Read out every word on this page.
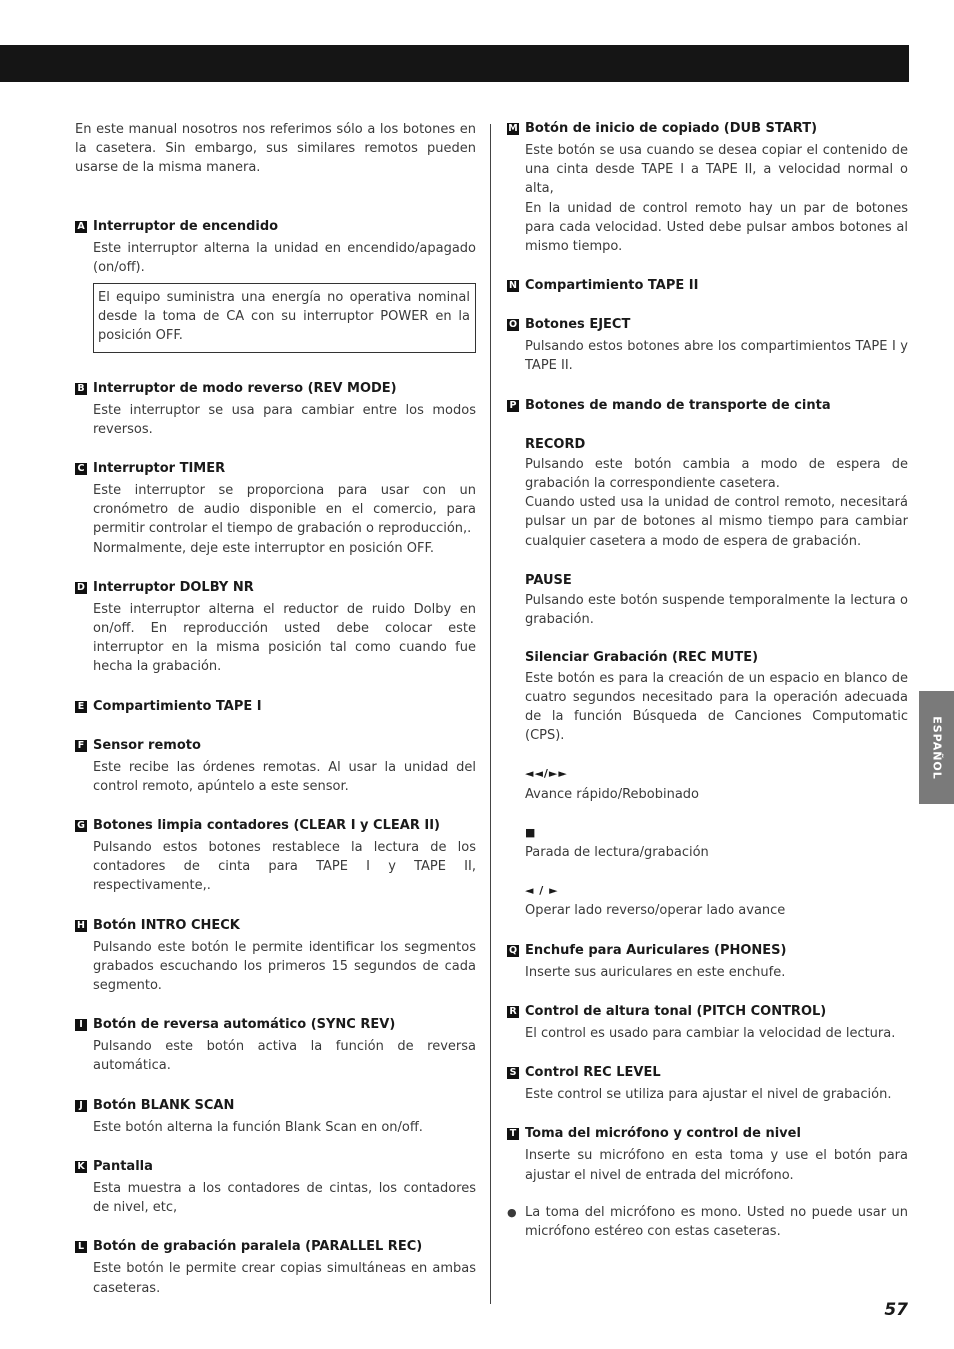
En este manual nosotros nos referimos sólo a los botones en la casetera. Sin embargo, sus similares remotos pueden usarse de la misma manera.

A Interruptor de encendido

Este interruptor alterna la unidad en encendido/apagado (on/off).

El equipo suministra una energía no operativa nominal desde la toma de CA con su interruptor POWER en la posición OFF.

B Interruptor de modo reverso (REV MODE)

Este interruptor se usa para cambiar entre los modos reversos.

C Interruptor TIMER

Este interruptor se proporciona para usar con un cronómetro de audio disponible en el comercio, para permitir controlar el tiempo de grabación o reproducción,.

Normalmente, deje este interruptor en posición OFF.

D Interruptor DOLBY NR

Este interruptor alterna el reductor de ruido Dolby en on/off. En reproducción usted debe colocar este interruptor en la misma posición tal como cuando fue hecha la grabación.

E Compartimiento TAPE I
F Sensor remoto

Este recibe las órdenes remotas. Al usar la unidad del control remoto, apúntelo a este sensor.

G Botones limpia contadores (CLEAR I y CLEAR II)

Pulsando estos botones restablece la lectura de los contadores de cinta para TAPE I y TAPE II, respectivamente,.

H Botón INTRO CHECK

Pulsando este botón le permite identificar los segmentos grabados escuchando los primeros 15 segundos de cada segmento.

I Botón de reversa automático (SYNC REV)

Pulsando este botón activa la función de reversa automática.

J Botón BLANK SCAN

Este botón alterna la función Blank Scan en on/off.

K Pantalla

Esta muestra a los contadores de cintas, los contadores de nivel, etc,

L Botón de grabación paralela (PARALLEL REC)

Este botón le permite crear copias simultáneas en ambas caseteras.

M Botón de inicio de copiado (DUB START)

Este botón se usa cuando se desea copiar el contenido de una cinta desde TAPE I a TAPE II, a velocidad normal o alta,

En la unidad de control remoto hay un par de botones para cada velocidad. Usted debe pulsar ambos botones al mismo tiempo.

N Compartimiento TAPE II
O Botones EJECT

Pulsando estos botones abre los compartimientos TAPE I y TAPE II.

P Botones de mando de transporte de cinta
RECORD

Pulsando este botón cambia a modo de espera de grabación la correspondiente casetera.

Cuando usted usa la unidad de control remoto, necesitará pulsar un par de botones al mismo tiempo para cambiar cualquier casetera a modo de espera de grabación.

PAUSE

Pulsando este botón suspende temporalmente la lectura o grabación.

Silenciar Grabación (REC MUTE)

Este botón es para la creación de un espacio en blanco de cuatro segundos necesitado para la operación adecuada de la función Búsqueda de Canciones Computomatic (CPS).

◄◄/►►

Avance rápido/Rebobinado

■

Parada de lectura/grabación

◄ / ►

Operar lado reverso/operar lado avance

Q Enchufe para Auriculares (PHONES)

Inserte sus auriculares en este enchufe.

R Control de altura tonal (PITCH CONTROL)

El control es usado para cambiar la velocidad de lectura.

S Control REC LEVEL

Este control se utiliza para ajustar el nivel de grabación.

T Toma del micrófono y control de nivel

Inserte su micrófono en esta toma y use el botón para ajustar el nivel de entrada del micrófono.

● La toma del micrófono es mono. Usted no puede usar un micrófono estéreo con estas caseteras.

ESPAÑOL
57
